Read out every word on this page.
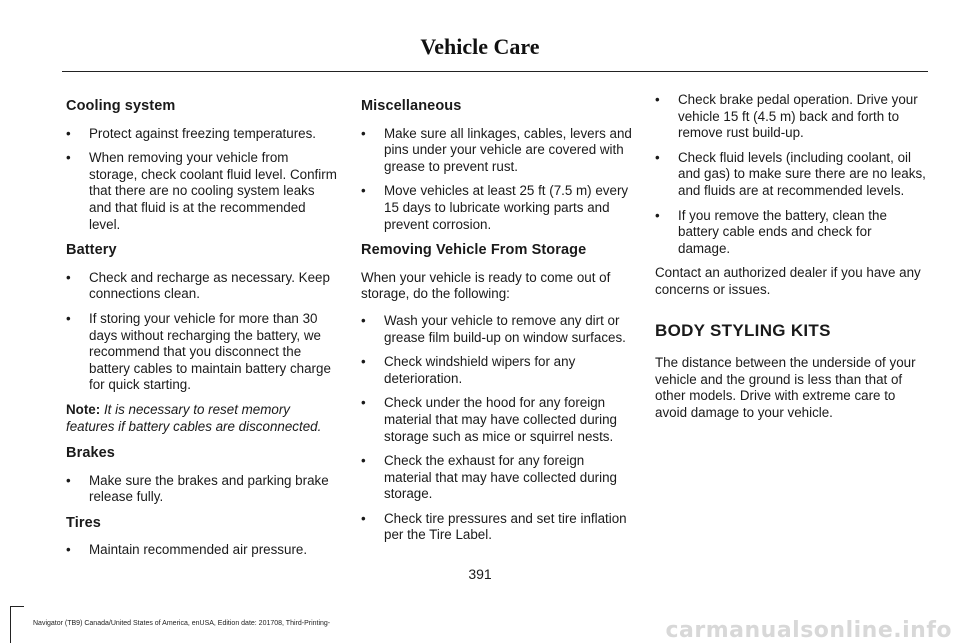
Vehicle Care
Cooling system
•	Protect against freezing temperatures.
•	When removing your vehicle from storage, check coolant fluid level. Confirm that there are no cooling system leaks and that fluid is at the recommended level.
Battery
•	Check and recharge as necessary. Keep connections clean.
•	If storing your vehicle for more than 30 days without recharging the battery, we recommend that you disconnect the battery cables to maintain battery charge for quick starting.

Note: It is necessary to reset memory features if battery cables are disconnected.

Brakes
•	Make sure the brakes and parking brake release fully.
Tires
•	Maintain recommended air pressure.
Miscellaneous
•	Make sure all linkages, cables, levers and pins under your vehicle are covered with grease to prevent rust.
•	Move vehicles at least 25 ft (7.5 m) every 15 days to lubricate working parts and prevent corrosion.
Removing Vehicle From Storage

When your vehicle is ready to come out of storage, do the following:

•	Wash your vehicle to remove any dirt or grease film build-up on window surfaces.
•	Check windshield wipers for any deterioration.
•	Check under the hood for any foreign material that may have collected during storage such as mice or squirrel nests.
•	Check the exhaust for any foreign material that may have collected during storage.
•	Check tire pressures and set tire inflation per the Tire Label.
•	Check brake pedal operation. Drive your vehicle 15 ft (4.5 m) back and forth to remove rust build-up.
•	Check fluid levels (including coolant, oil and gas) to make sure there are no leaks, and fluids are at recommended levels.
•	If you remove the battery, clean the battery cable ends and check for damage.

Contact an authorized dealer if you have any concerns or issues.

BODY STYLING KITS

The distance between the underside of your vehicle and the ground is less than that of other models. Drive with extreme care to avoid damage to your vehicle.

391
Navigator (TB9) Canada/United States of America, enUSA, Edition date: 201708, Third-Printing-	carmanualsonline.info
